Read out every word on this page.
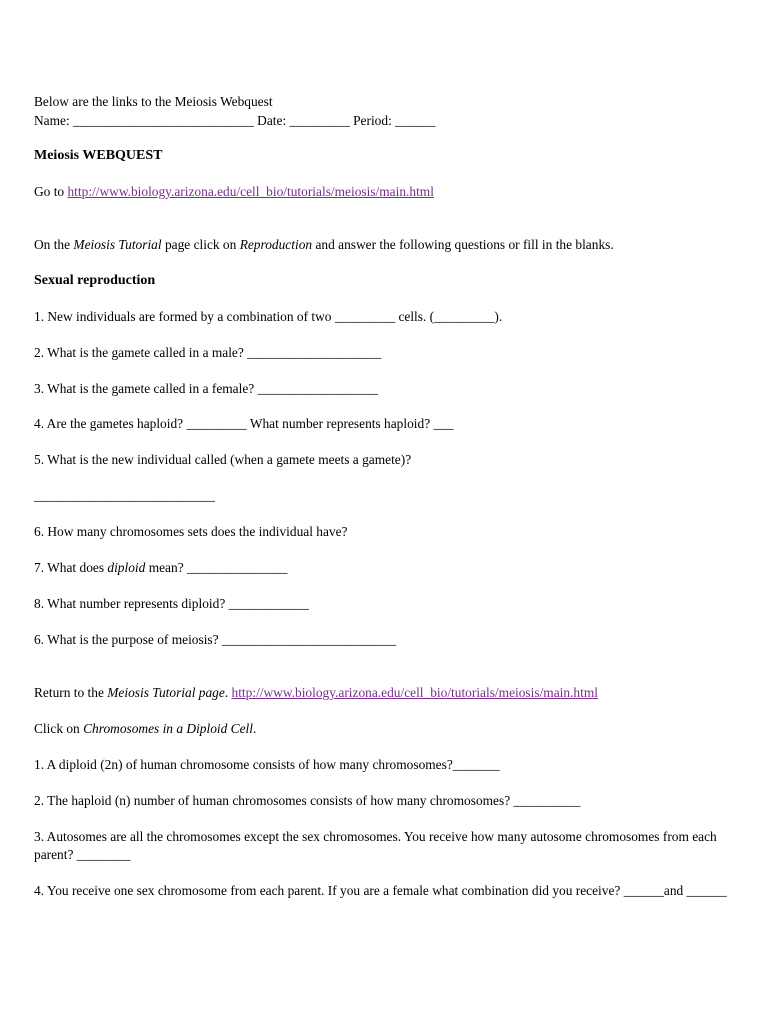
Below are the links to the Meiosis Webquest
Name: ___________________________ Date: _________ Period: ______
Meiosis WEBQUEST
Go to http://www.biology.arizona.edu/cell_bio/tutorials/meiosis/main.html
On the Meiosis Tutorial page click on Reproduction and answer the following questions or fill in the blanks.
Sexual reproduction
1. New individuals are formed by a combination of two _________ cells. (_________).
2. What is the gamete called in a male? ____________________
3. What is the gamete called in a female? __________________
4. Are the gametes haploid? _________ What number represents haploid? ___
5. What is the new individual called (when a gamete meets a gamete)?
___________________________
6. How many chromosomes sets does the individual have?
7. What does diploid mean? _______________
8. What number represents diploid? ____________
6. What is the purpose of meiosis? __________________________
Return to the Meiosis Tutorial page. http://www.biology.arizona.edu/cell_bio/tutorials/meiosis/main.html
Click on Chromosomes in a Diploid Cell.
1. A diploid (2n) of human chromosome consists of how many chromosomes?_______
2. The haploid (n) number of human chromosomes consists of how many chromosomes? __________
3. Autosomes are all the chromosomes except the sex chromosomes. You receive how many autosome chromosomes from each
parent? ________
4. You receive one sex chromosome from each parent. If you are a female what combination did you receive? ______and ______
